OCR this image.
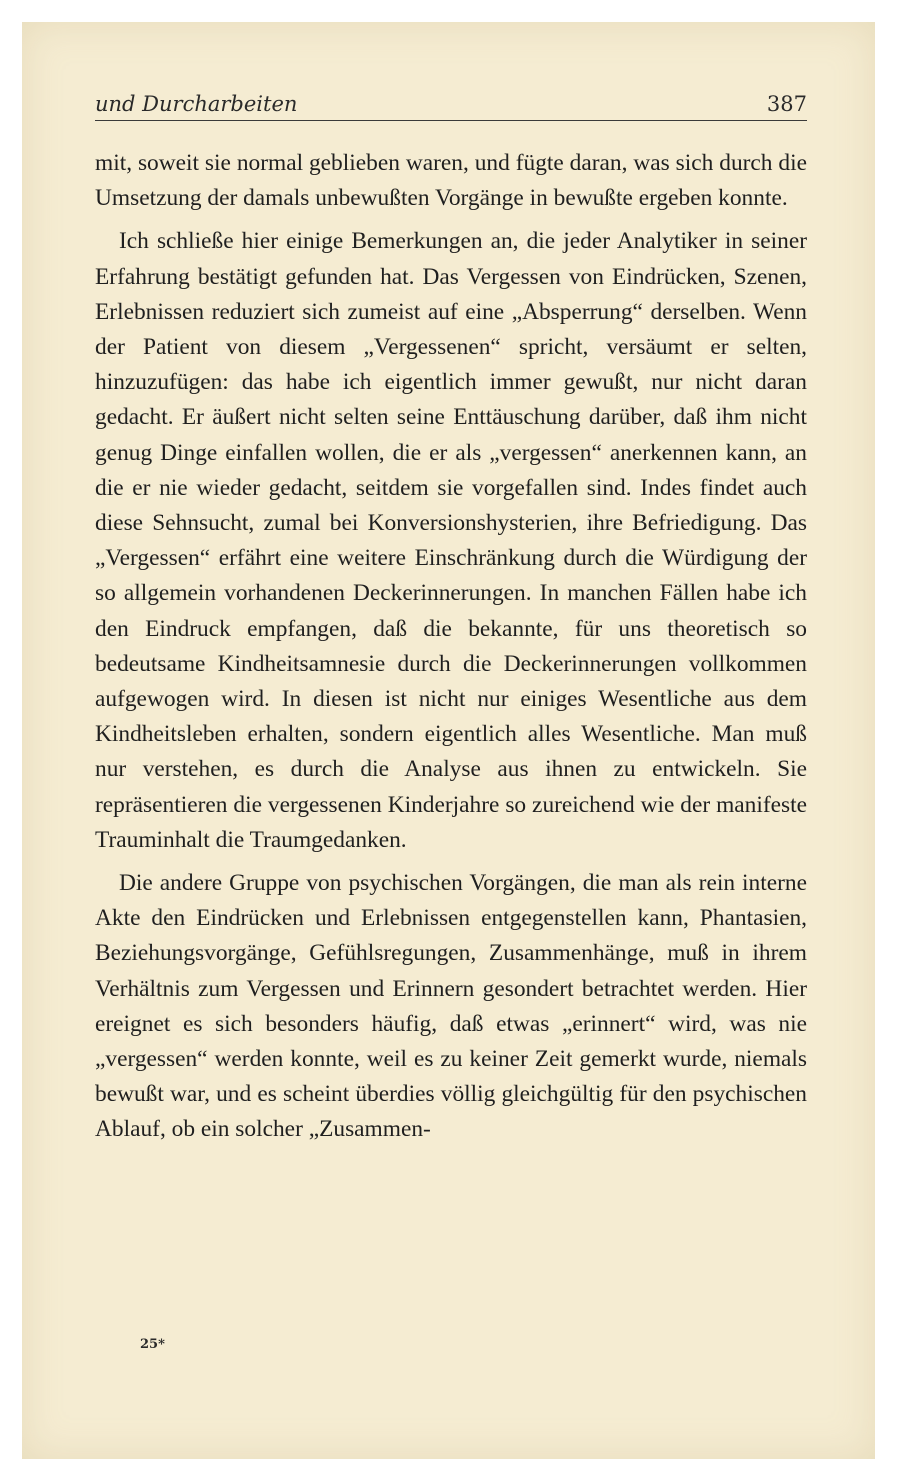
und Durcharbeiten	387

mit, soweit sie normal geblieben waren, und fügte daran, was sich durch die Umsetzung der damals unbewußten Vorgänge in bewußte ergeben konnte.

Ich schließe hier einige Bemerkungen an, die jeder Analytiker in seiner Erfahrung bestätigt gefunden hat. Das Vergessen von Eindrücken, Szenen, Erlebnissen reduziert sich zumeist auf eine „Absperrung“ derselben. Wenn der Patient von diesem „Vergessenen“ spricht, versäumt er selten, hinzuzufügen: das habe ich eigentlich immer gewußt, nur nicht daran gedacht. Er äußert nicht selten seine Enttäuschung darüber, daß ihm nicht genug Dinge einfallen wollen, die er als „vergessen“ anerkennen kann, an die er nie wieder gedacht, seitdem sie vorgefallen sind. Indes findet auch diese Sehnsucht, zumal bei Konversionshysterien, ihre Befriedigung. Das „Vergessen“ erfährt eine weitere Einschränkung durch die Würdigung der so allgemein vorhandenen Deckerinnerungen. In manchen Fällen habe ich den Eindruck empfangen, daß die bekannte, für uns theoretisch so bedeutsame Kindheitsamnesie durch die Deckerinnerungen vollkommen aufgewogen wird. In diesen ist nicht nur einiges Wesentliche aus dem Kindheitsleben erhalten, sondern eigentlich alles Wesentliche. Man muß nur verstehen, es durch die Analyse aus ihnen zu entwickeln. Sie repräsentieren die vergessenen Kinderjahre so zureichend wie der manifeste Trauminhalt die Traumgedanken.

Die andere Gruppe von psychischen Vorgängen, die man als rein interne Akte den Eindrücken und Erlebnissen entgegenstellen kann, Phantasien, Beziehungsvorgänge, Gefühlsregungen, Zusammenhänge, muß in ihrem Verhältnis zum Vergessen und Erinnern gesondert betrachtet werden. Hier ereignet es sich besonders häufig, daß etwas „erinnert“ wird, was nie „vergessen“ werden konnte, weil es zu keiner Zeit gemerkt wurde, niemals bewußt war, und es scheint überdies völlig gleichgültig für den psychischen Ablauf, ob ein solcher „Zusammen-

25*
